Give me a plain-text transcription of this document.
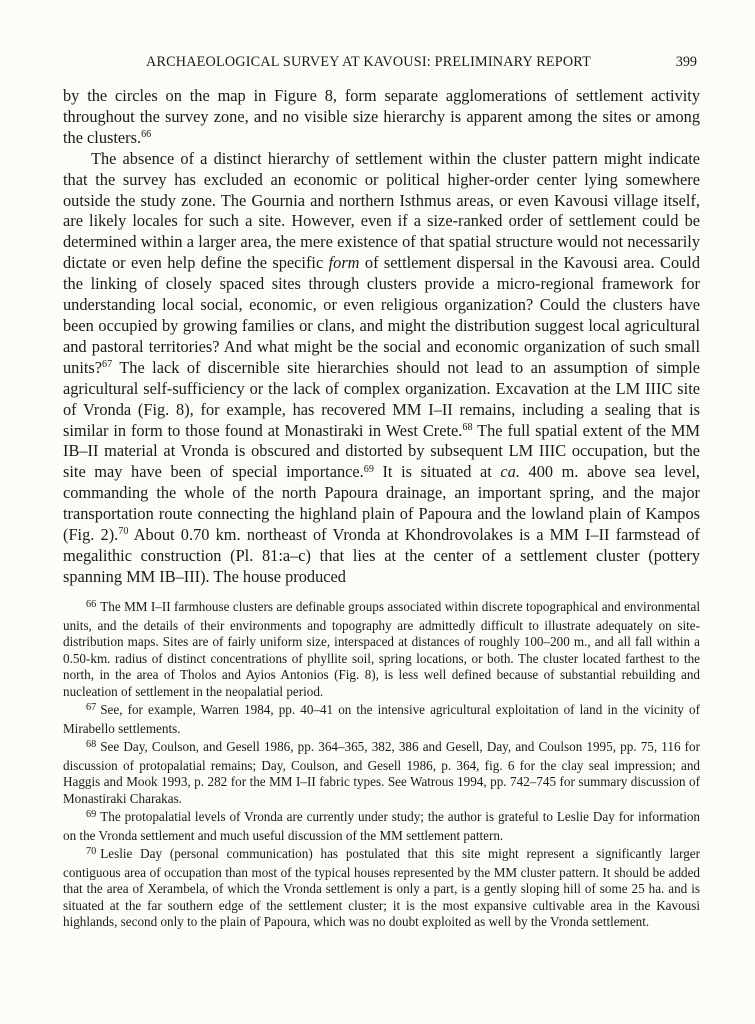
ARCHAEOLOGICAL SURVEY AT KAVOUSI: PRELIMINARY REPORT	399

by the circles on the map in Figure 8, form separate agglomerations of settlement activity throughout the survey zone, and no visible size hierarchy is apparent among the sites or among the clusters.$^{66}$

The absence of a distinct hierarchy of settlement within the cluster pattern might indicate that the survey has excluded an economic or political higher-order center lying somewhere outside the study zone. The Gournia and northern Isthmus areas, or even Kavousi village itself, are likely locales for such a site. However, even if a size-ranked order of settlement could be determined within a larger area, the mere existence of that spatial structure would not necessarily dictate or even help define the specific form of settlement dispersal in the Kavousi area. Could the linking of closely spaced sites through clusters provide a micro-regional framework for understanding local social, economic, or even religious organization? Could the clusters have been occupied by growing families or clans, and might the distribution suggest local agricultural and pastoral territories? And what might be the social and economic organization of such small units?$^{67}$ The lack of discernible site hierarchies should not lead to an assumption of simple agricultural self-sufficiency or the lack of complex organization. Excavation at the LM IIIC site of Vronda (Fig. 8), for example, has recovered MM I–II remains, including a sealing that is similar in form to those found at Monastiraki in West Crete.$^{68}$ The full spatial extent of the MM IB–II material at Vronda is obscured and distorted by subsequent LM IIIC occupation, but the site may have been of special importance.$^{69}$ It is situated at ca. 400 m. above sea level, commanding the whole of the north Papoura drainage, an important spring, and the major transportation route connecting the highland plain of Papoura and the lowland plain of Kampos (Fig. 2).$^{70}$ About 0.70 km. northeast of Vronda at Khondrovolakes is a MM I–II farmstead of megalithic construction (Pl. 81:a–c) that lies at the center of a settlement cluster (pottery spanning MM IB–III). The house produced

$^{66}$ The MM I–II farmhouse clusters are definable groups associated within discrete topographical and environmental units, and the details of their environments and topography are admittedly difficult to illustrate adequately on site-distribution maps. Sites are of fairly uniform size, interspaced at distances of roughly 100–200 m., and all fall within a 0.50-km. radius of distinct concentrations of phyllite soil, spring locations, or both. The cluster located farthest to the north, in the area of Tholos and Ayios Antonios (Fig. 8), is less well defined because of substantial rebuilding and nucleation of settlement in the neopalatial period.

$^{67}$ See, for example, Warren 1984, pp. 40–41 on the intensive agricultural exploitation of land in the vicinity of Mirabello settlements.

$^{68}$ See Day, Coulson, and Gesell 1986, pp. 364–365, 382, 386 and Gesell, Day, and Coulson 1995, pp. 75, 116 for discussion of protopalatial remains; Day, Coulson, and Gesell 1986, p. 364, fig. 6 for the clay seal impression; and Haggis and Mook 1993, p. 282 for the MM I–II fabric types. See Watrous 1994, pp. 742–745 for summary discussion of Monastiraki Charakas.

$^{69}$ The protopalatial levels of Vronda are currently under study; the author is grateful to Leslie Day for information on the Vronda settlement and much useful discussion of the MM settlement pattern.

$^{70}$ Leslie Day (personal communication) has postulated that this site might represent a significantly larger contiguous area of occupation than most of the typical houses represented by the MM cluster pattern. It should be added that the area of Xerambela, of which the Vronda settlement is only a part, is a gently sloping hill of some 25 ha. and is situated at the far southern edge of the settlement cluster; it is the most expansive cultivable area in the Kavousi highlands, second only to the plain of Papoura, which was no doubt exploited as well by the Vronda settlement.
